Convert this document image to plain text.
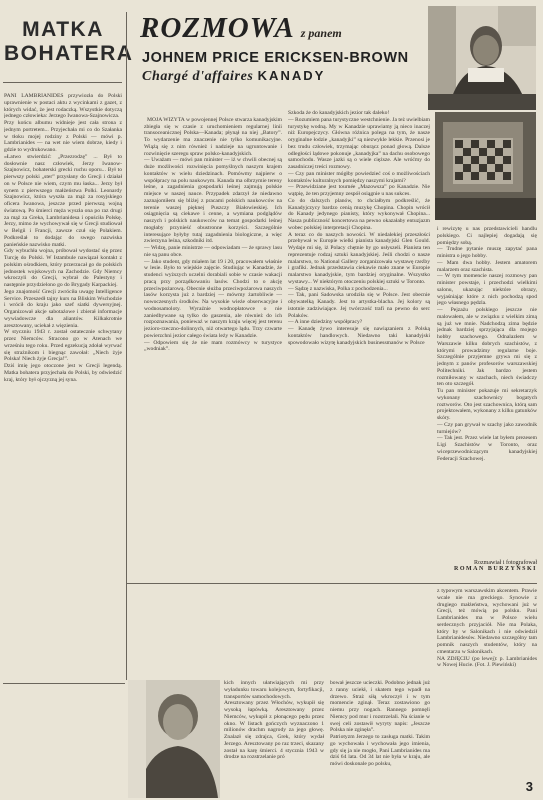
MATKA
BOHATERA
PANI LAMBRIANIDES przywiozła do Polski uprawnienie w postaci aktu z wycinkami z gazet, z których widać, że jest rodaczką. Wszystkie dotyczą jednego człowieka: Jerzego Iwanowa-Szajnowicza.
Przy końcu albumu widnieje jest cała strona z jednym portretem... Przyjechała mi co do Szałanka w tłoku mojej rodziny z Polski — mówi p. Lambrianides — na wet nie wiem dobrze, kiedy i gdzie to wydrukowano.
«Łatwo stwierdzić: „Przezrodzę” ... Był to dosłownie nasz człowiek, Jerzy Iwanow-Szajnowicz, bohaterski grecki ruchu oporu... Był to pierwszy polski „ster” przysłany do Grecji i działał on w Polsce nie wiem, czym mu łaska... Jerzy był synem z pierwszego małżeństwa Polki. Leonardy Szajnowicz, która wyszła za mąż za rosyjskiego oficera Iwanowa, jeszcze przed pierwszą wojną światową. Po śmierci męża wyszła ona po raz drugi za mąż za Greka, Lambrianidesa i opuściła Polskę. Jerzy, mimo że wychowywał się w Grecji studiował w Belgii i Francji, zawsze czuł się Polakiem. Podkreślał to dodając do swego nazwiska panieńskie nazwisko matki.
Gdy wybuchła wojna, próbował wydostać się przez Turcję do Polski. W Istambule nawiązał kontakt z polskim ośrodkiem, który przerzucał go do polskich jednostek wojskowych na Zachodzie. Gdy Niemcy wkroczyli do Grecji, wybrał do Palestyny i następnie przydzielono go do Brygady Karpackiej.
Jego znajomość Grecji zwróciła uwagę Intelligence Service. Przeszedł tajny kurs na Bliskim Wschodzie i wrócił do kraju jako szef siatki dywersyjnej. Organizował akcje sabotażowe i zbierał informacje wywiadowcze dla aliantów. Kilkakrotnie aresztowany, uciekał z więzienia.
W styczniu 1943 r. został ostatecznie schwytany przez Niemców. Stracono go w Atenach we wrześniu tego roku. Przed egzekucją zdołał wyrwać się strażnikom i biegnąc zawołał: „Niech żyje Polska! Niech żyje Grecja!”.
Dziś imię jego otoczone jest w Grecji legendą. Matka bohatera przyjechała do Polski, by odwiedzić kraj, który był ojczyzną jej syna.
ROZMOWA z panem
JOHNEM PRICE ERICKSEN-BROWN
Chargé d'affaires KANADY

MOJA WIZYTA w powojennej Polsce stwarza kanadyjskim zbiegła się w czasie z uruchomieniem regularnej linii transoceanicznej Polska—Kanada; płynął na niej „Batory”. To wydarzenie ma znaczenie nie tylko komunikacyjne. Wiążą się z nim również i nadzieje na ugruntowanie i rozwinięcie szeregu spraw polsko-kanadyjskich.
— Uważam — mówi pan minister — iż w chwili obecnej są duże możliwości rozwinięcia pomyślnych naszym krajem kontaktów w wielu dziedzinach. Pomówmy najpierw o współpracy na polu naukowym. Kanada ma olbrzymie tereny leśne, a zagadnienia gospodarki leśnej zajmują polskie miejsce w naszej nauce. Przypadek zdarzył że niedawno zaznajomiłem się bliżej z pracami polskich naukowców na terenie waszej pięknej Puszczy Białowieskiej. Ich osiągnięcia są ciekawe i cenne, a wymiana podglądów naszych i polskich naukowców na temat gospodarki leśnej mogłaby przynieść obustronne korzyści. Szczególnie interesujące byłyby tutaj zagadnienia biologiczne, a więc zwierzyna leśna, szkodniki itd.
— Widzę, panie ministrze — odpowiadam — że sprawy lasu nie są panu obce.
— Jako student, gdy miałem lat 19 i 20, pracowałem właśnie w lesie. Było to wiejskie zajęcie. Studiując w Kanadzie, że studenci wyższych uczelni dorabiali sobie w czasie wakacji pracą przy porządkowaniu lasów. Chodzi to o akcję przeciwpożarową. Obecnie służba przeciwpożarowa naszych lasów korzysta już z bardziej — mówmy żartobliwie — nowoczesnych środków. Na wysokie wieże obserwacyjne i wodnosamoloty. Wyraźnie wodnopłatowce o nie zaniedbywane są tylko do gaszenia, ale również do ich rozpoznawania, ponieważ w naszym kraju więcej jest terenu jezioro-rzeczno-dolinnych, niż otwartego lądu. Trzy czwarte powierzchni jezior całego świata leży w Kanadzie.
— Odpowiem się że nie mam rozmówcy w turystyce „wodniak”.

Szkoda że do kanadyjskich jezior tak daleko!
— Rozumiem pana turystyczne westchnienie. Ja też uwielbiam turystykę wodną. My w Kanadzie uprawiamy ją nieco inaczej niż Europejczycy. Główna różnica polega na tym, że nasze oryginalne łodzie „kanadyjki” są niezwykle lekkie. Przenosi je bez trudu człowiek, trzymając oburącz ponad głową. Dalsze odległości lądowe pokonuje „kanadyjka” na dachu osobowego samochodu. Wasze jazki są o wiele cięższe. Ale wróćmy do zasadniczej treści rozmowy.
— Czy pan minister mógłby powiedzieć coś o możliwościach kontaktów kulturalnych pomiędzy naszymi krajami?
— Przewidziane jest tournée „Mazowsza” po Kanadzie. Nie wątpię, że ten przyjemny zespół osiągnie u nas sukces.
Co do dalszych planów, to chciałbym podkreślić, że Kanadyjczycy bardzo cenią muzykę Chopina. Chopin wrócił do Kanady jedynego pianisty, który wykonywał Chopina... Nasza publiczność koncertowa na pewno okazałaby entuzjazm wobec polskiej interpretacji Chopina.
A teraz co do naszych nowości. W niedalekiej przeszłości przebywał w Europie wielki pianista kanadyjski Glen Gould. Wydaje mi się, iż Polacy chętnie by go usłyszeli. Pianista ten reprezentuje rodzaj sztuki kanadyjskiej. Jeśli chodzi o nasze malarstwo, to National Gallery zorganizowała wystawę rzeźby i grafiki. Jednak przedstawia ciekawie mało znane w Europie malarstwo kanadyjskie, tym bardziej oryginalne. Wszystko wystawy... W niektórym otoczeniu polskiej sztuki w Toronto.
— Sądzę z nazwiska, Polka z pochodzenia...
— Tak, pani Sadowska urodziła się w Polsce. Jest obecnie obywatelką Kanady. Jest to artystka-blacha. Jej kolory są istotnie zadziwiające. Jej twórczość trafi na pewno do serc Polaków.
— A inne dziedziny współpracy?
— Kanadę żywo interesuje się nawiązaniem z Polską kontaktów handlowych. Niedawno taki kanadyjski spowodowało wizytę kanadyjskich businessmanów w Polsce
i rewizytę u nas przedstawicieli handlu polskiego. Ci najlepiej dogadają się pomiędzy sobą.
— Trudne pytanie muszę zapytać pana ministra o jego hobby.
— Mam dwa hobby. Jestem amatorem malarzem oraz szachista.
— W tym momencie naszej rozmowy pan minister powstaje, i przechodzi wielkimi salonu, ukazując niektóre obrazy, wyjaśniając które z nich pochodzą spod jego własnego pędzla.
— Pejzażu polskiego jeszcze nie malowałem, ale w związku z wielkim zimą są już we mnie. Nadchodzą zima będzie jednak bardziej sprzyjająca dla mojego hobby szachowego. Odnalazłem w Warszawie kilku dobrych szachistów, z którymi prowadzimy regularne boje. Szczególnie przyjemne grywa mi się z jednym z panów profesorów warszawskiej Politechniki. Jak bardzo jestem rozmiłowany w szachach, niech świadczy ten oto szczegół.
Tu pan minister pokazuje mi sekretarzyk wykonany szachownicy bogatych roztworów. Oto jest szachownica, którą sam projektowałem, wykonany z kilku gatunków skóry.
— Czy pan grywał w szachy jako zawodnik turniejów?
— Tak jest. Przez wiele lat byłem prezesem Ligi Szachistów w Toronto, oraz wiceprzewodniczącym kanadyjskiej Federacji Szachowej.
Rozmawiał i fotografował
ROMAN BURZYŃSKI
kich innych ułatwiających mi przy wyładunku towaru kolejowym, fortyfikacji, transportów samochodowych.
Aresztowany przez Włochów, wykupił się wysoką łapówką. Aresztowany przez Niemców, wykupił z płonącego pędu przez okno. W listach gończych wyznaczono 1 milionów drachm nagrody za jego głowę. Znalazł się zdrajca, Grek, który wydał Jerzego. Aresztowany po raz trzeci, skazany został na karę śmierci. 4 stycznia 1943 w drodze na rozstrzelanie pró
bował jeszcze ucieczki. Podobno jednak już z ranny uciekł, i skatem tego wpadł na drzewo. Straż siłą wkroczył i w tym momencie zginął. Teraz zostawiono go niemu przy nogach. Rannego pomnęli Niemcy pod mur i rozstrzelali. Na ścianie w swej celi zostawił wyryty napis: „Jeszcze Polska nie zginęła”.
Patriotyzm Jerzego to zasługa matki. Takim go wychowała i wychowała jego imienia, gdy się ja nie mogło, Pani Lambrianides ma dziś 64 lata. Od 34 lat nie była w kraju, ale mówi doskonale po polsku,
z typowym warszawskim akcentem. Prawie wcale nie ma greckiego. Synowie z drugiego małżeństwa, wychowani już w Grecji, też mówią po polsku. Pani Lambrianides ma w Polsce wielu serdecznych przyjaciół. Nie ma Polaka, który by w Salonikach i nie odwiedził Lambrianidesów. Niedawno szczególny tam pomnik naszych studentów, który na cmentarzu w Salonikach.
NA ZDJĘCIU (po lewej): p. Lambrianides w Nowej Hucie. (Fot. J. Piewiński)
3
